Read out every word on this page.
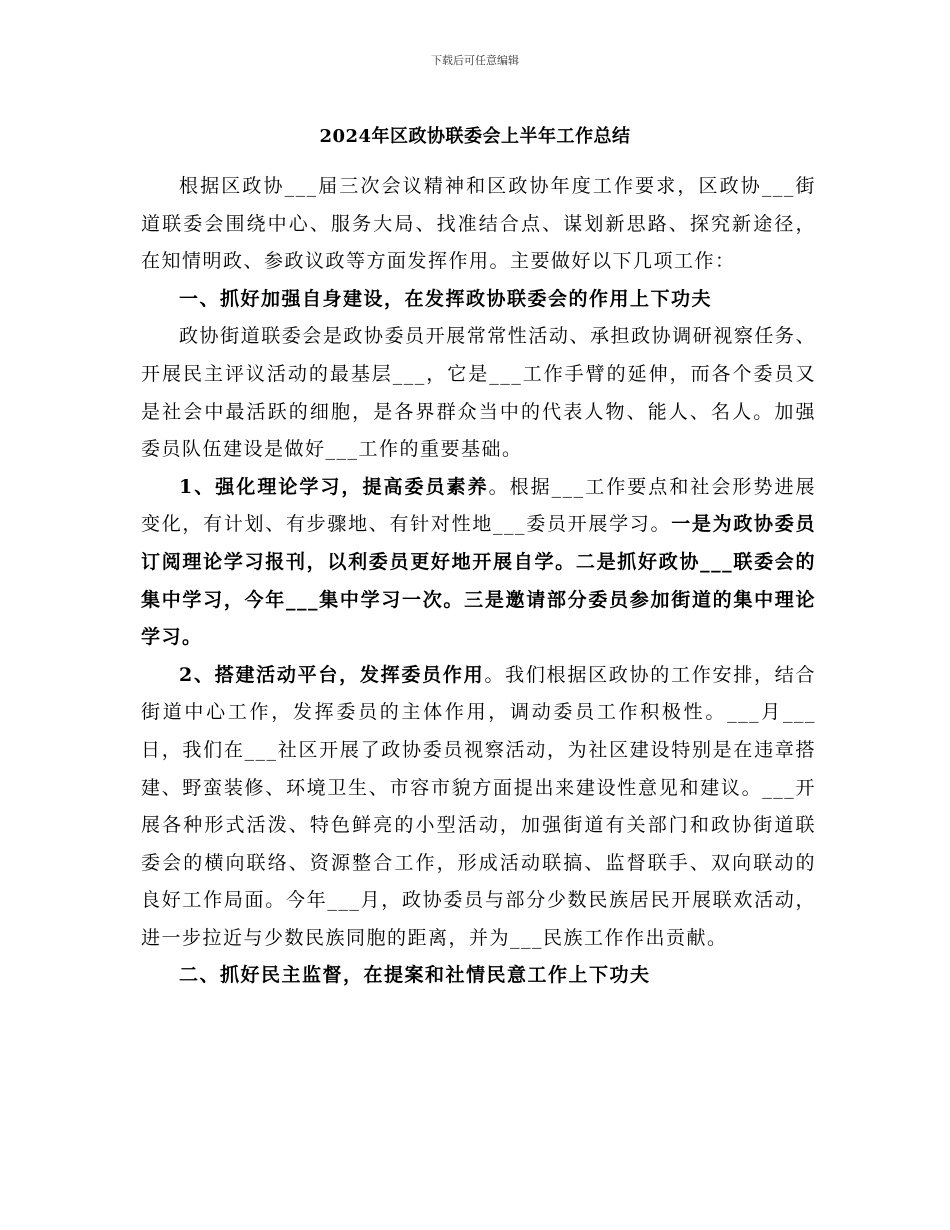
下载后可任意编辑
2024年区政协联委会上半年工作总结

根据区政协___届三次会议精神和区政协年度工作要求，区政协___街道联委会围绕中心、服务大局、找准结合点、谋划新思路、探究新途径，在知情明政、参政议政等方面发挥作用。主要做好以下几项工作：

一、抓好加强自身建设，在发挥政协联委会的作用上下功夫

政协街道联委会是政协委员开展常常性活动、承担政协调研视察任务、开展民主评议活动的最基层___，它是___工作手臂的延伸，而各个委员又是社会中最活跃的细胞，是各界群众当中的代表人物、能人、名人。加强委员队伍建设是做好___工作的重要基础。

1、强化理论学习，提高委员素养。根据___工作要点和社会形势进展变化，有计划、有步骤地、有针对性地___委员开展学习。一是为政协委员订阅理论学习报刊，以利委员更好地开展自学。二是抓好政协___联委会的集中学习，今年___集中学习一次。三是邀请部分委员参加街道的集中理论学习。

2、搭建活动平台，发挥委员作用。我们根据区政协的工作安排，结合街道中心工作，发挥委员的主体作用，调动委员工作积极性。___月___日，我们在___社区开展了政协委员视察活动，为社区建设特别是在违章搭建、野蛮装修、环境卫生、市容市貌方面提出来建设性意见和建议。___开展各种形式活泼、特色鲜亮的小型活动，加强街道有关部门和政协街道联委会的横向联络、资源整合工作，形成活动联搞、监督联手、双向联动的良好工作局面。今年___月，政协委员与部分少数民族居民开展联欢活动，进一步拉近与少数民族同胞的距离，并为___民族工作作出贡献。

二、抓好民主监督，在提案和社情民意工作上下功夫
